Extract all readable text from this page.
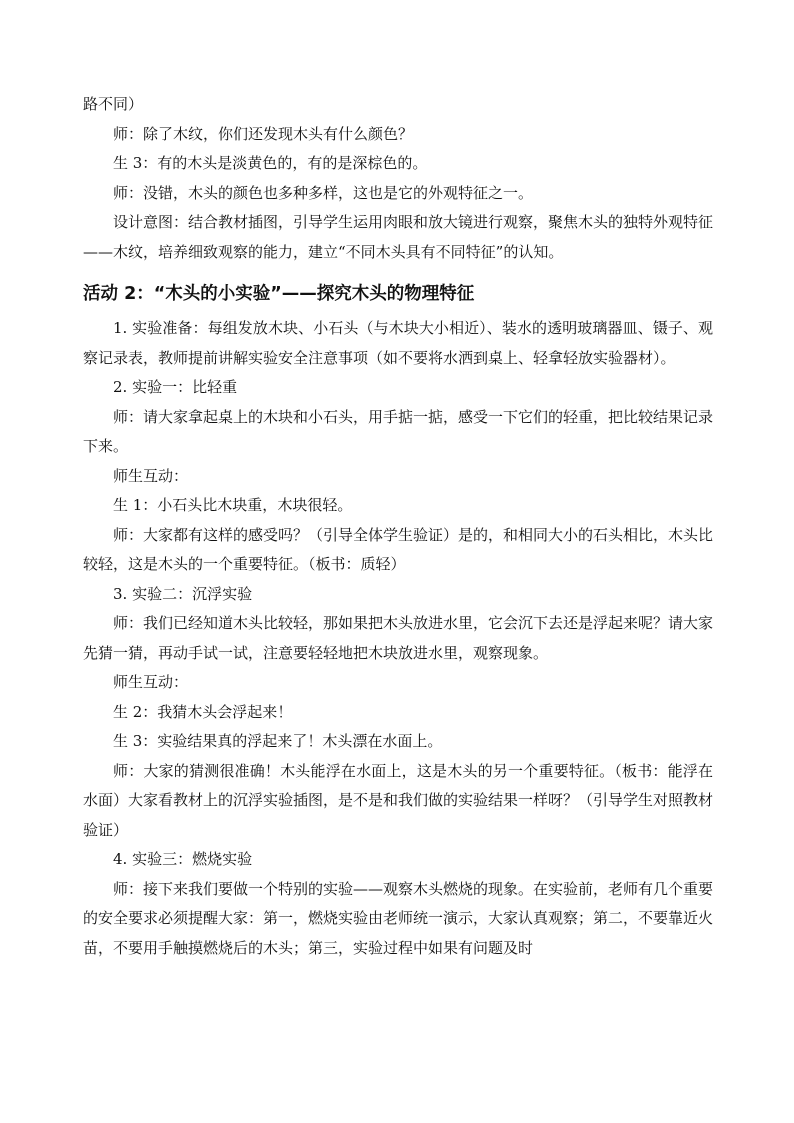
路不同）

师：除了木纹，你们还发现木头有什么颜色？

生 3：有的木头是淡黄色的，有的是深棕色的。

师：没错，木头的颜色也多种多样，这也是它的外观特征之一。

设计意图：结合教材插图，引导学生运用肉眼和放大镜进行观察，聚焦木头的独特外观特征——木纹，培养细致观察的能力，建立“不同木头具有不同特征”的认知。

活动 2：“木头的小实验”——探究木头的物理特征

1. 实验准备：每组发放木块、小石头（与木块大小相近）、装水的透明玻璃器皿、镊子、观察记录表，教师提前讲解实验安全注意事项（如不要将水洒到桌上、轻拿轻放实验器材）。

2. 实验一：比轻重

师：请大家拿起桌上的木块和小石头，用手掂一掂，感受一下它们的轻重，把比较结果记录下来。

师生互动：

生 1：小石头比木块重，木块很轻。

师：大家都有这样的感受吗？（引导全体学生验证）是的，和相同大小的石头相比，木头比较轻，这是木头的一个重要特征。（板书：质轻）

3. 实验二：沉浮实验

师：我们已经知道木头比较轻，那如果把木头放进水里，它会沉下去还是浮起来呢？请大家先猜一猜，再动手试一试，注意要轻轻地把木块放进水里，观察现象。

师生互动：

生 2：我猜木头会浮起来！

生 3：实验结果真的浮起来了！木头漂在水面上。

师：大家的猜测很准确！木头能浮在水面上，这是木头的另一个重要特征。（板书：能浮在水面）大家看教材上的沉浮实验插图，是不是和我们做的实验结果一样呀？（引导学生对照教材验证）

4. 实验三：燃烧实验

师：接下来我们要做一个特别的实验——观察木头燃烧的现象。在实验前，老师有几个重要的安全要求必须提醒大家：第一，燃烧实验由老师统一演示，大家认真观察；第二，不要靠近火苗，不要用手触摸燃烧后的木头；第三，实验过程中如果有问题及时
